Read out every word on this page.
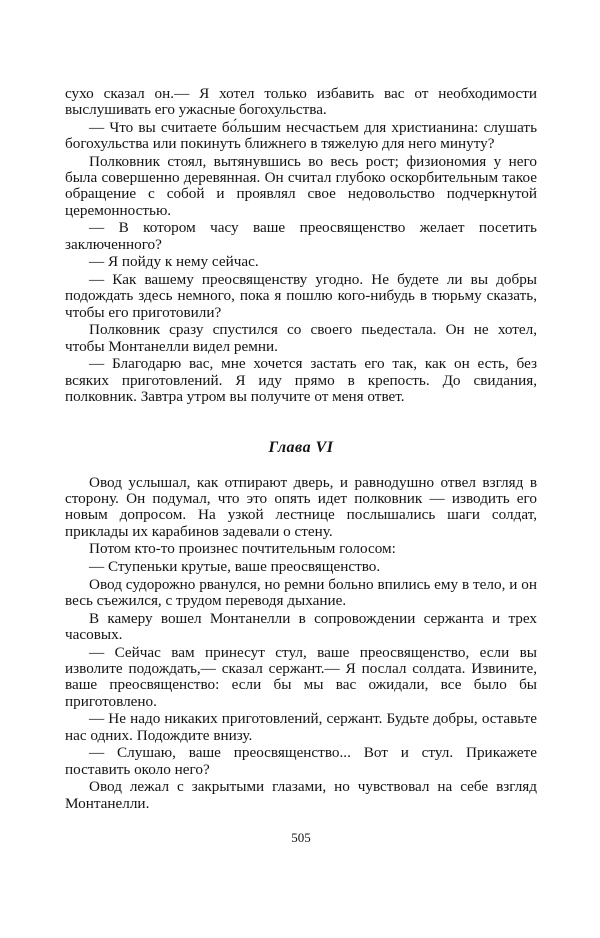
сухо сказал он.— Я хотел только избавить вас от необходимости выслушивать его ужасные богохульства.

— Что вы считаете бо́льшим несчастьем для христианина: слушать богохульства или покинуть ближнего в тяжелую для него минуту?

Полковник стоял, вытянувшись во весь рост; физиономия у него была совершенно деревянная. Он считал глубоко оскорбительным такое обращение с собой и проявлял свое недовольство подчеркнутой церемонностью.

— В котором часу ваше преосвященство желает посетить заключенного?

— Я пойду к нему сейчас.

— Как вашему преосвященству угодно. Не будете ли вы добры подождать здесь немного, пока я пошлю кого-нибудь в тюрьму сказать, чтобы его приготовили?

Полковник сразу спустился со своего пьедестала. Он не хотел, чтобы Монтанелли видел ремни.

— Благодарю вас, мне хочется застать его так, как он есть, без всяких приготовлений. Я иду прямо в крепость. До свидания, полковник. Завтра утром вы получите от меня ответ.

Глава VI

Овод услышал, как отпирают дверь, и равнодушно отвел взгляд в сторону. Он подумал, что это опять идет полковник — изводить его новым допросом. На узкой лестнице послышались шаги солдат, приклады их карабинов задевали о стену.

Потом кто-то произнес почтительным голосом:

— Ступеньки крутые, ваше преосвященство.

Овод судорожно рванулся, но ремни больно впились ему в тело, и он весь съежился, с трудом переводя дыхание.

В камеру вошел Монтанелли в сопровождении сержанта и трех часовых.

— Сейчас вам принесут стул, ваше преосвященство, если вы изволите подождать,— сказал сержант.— Я послал солдата. Извините, ваше преосвященство: если бы мы вас ожидали, все было бы приготовлено.

— Не надо никаких приготовлений, сержант. Будьте добры, оставьте нас одних. Подождите внизу.

— Слушаю, ваше преосвященство... Вот и стул. Прикажете поставить около него?

Овод лежал с закрытыми глазами, но чувствовал на себе взгляд Монтанелли.

505
